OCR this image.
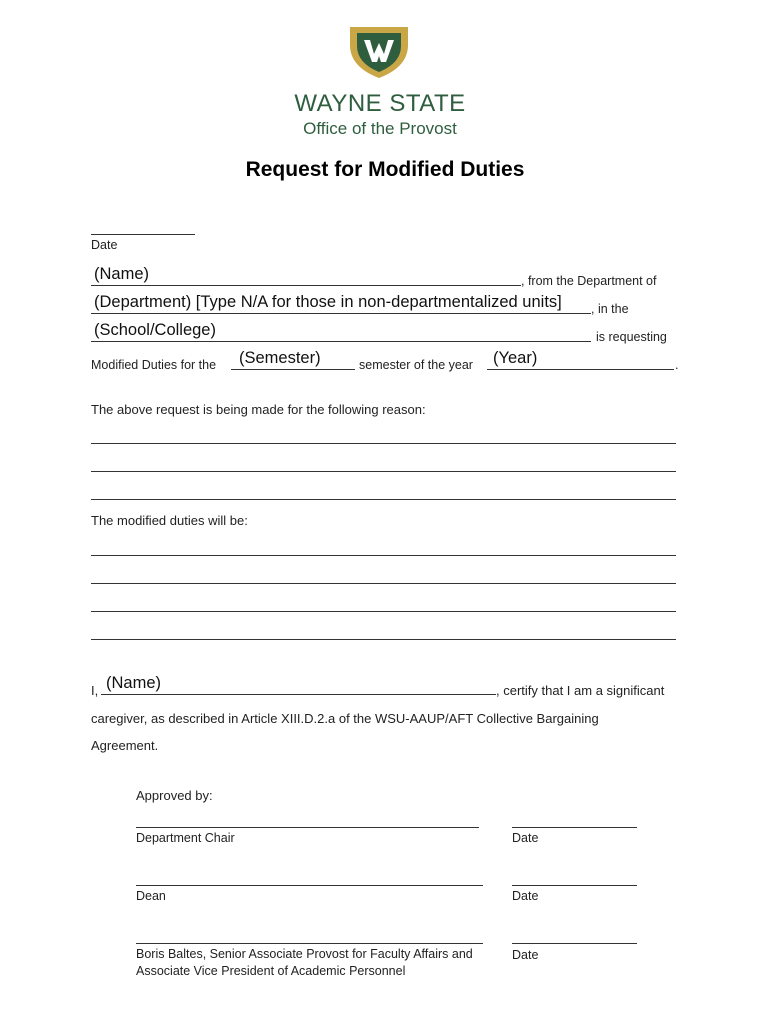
WAYNE STATE
Office of the Provost
Request for Modified Duties
Date
(Name)	, from the Department of
(Department) [Type N/A for those in non-departmentalized units] , in the
(School/College)	is requesting
Modified Duties for the (Semester)	semester of the year (Year)	.
The above request is being made for the following reason:
The modified duties will be:
I, (Name)	, certify that I am a significant
caregiver, as described in Article XIII.D.2.a of the WSU-AAUP/AFT Collective Bargaining
Agreement.
Approved by:
Department Chair	Date
Dean	Date
Boris Baltes, Senior Associate Provost for Faculty Affairs and
Associate Vice President of Academic Personnel
Date
